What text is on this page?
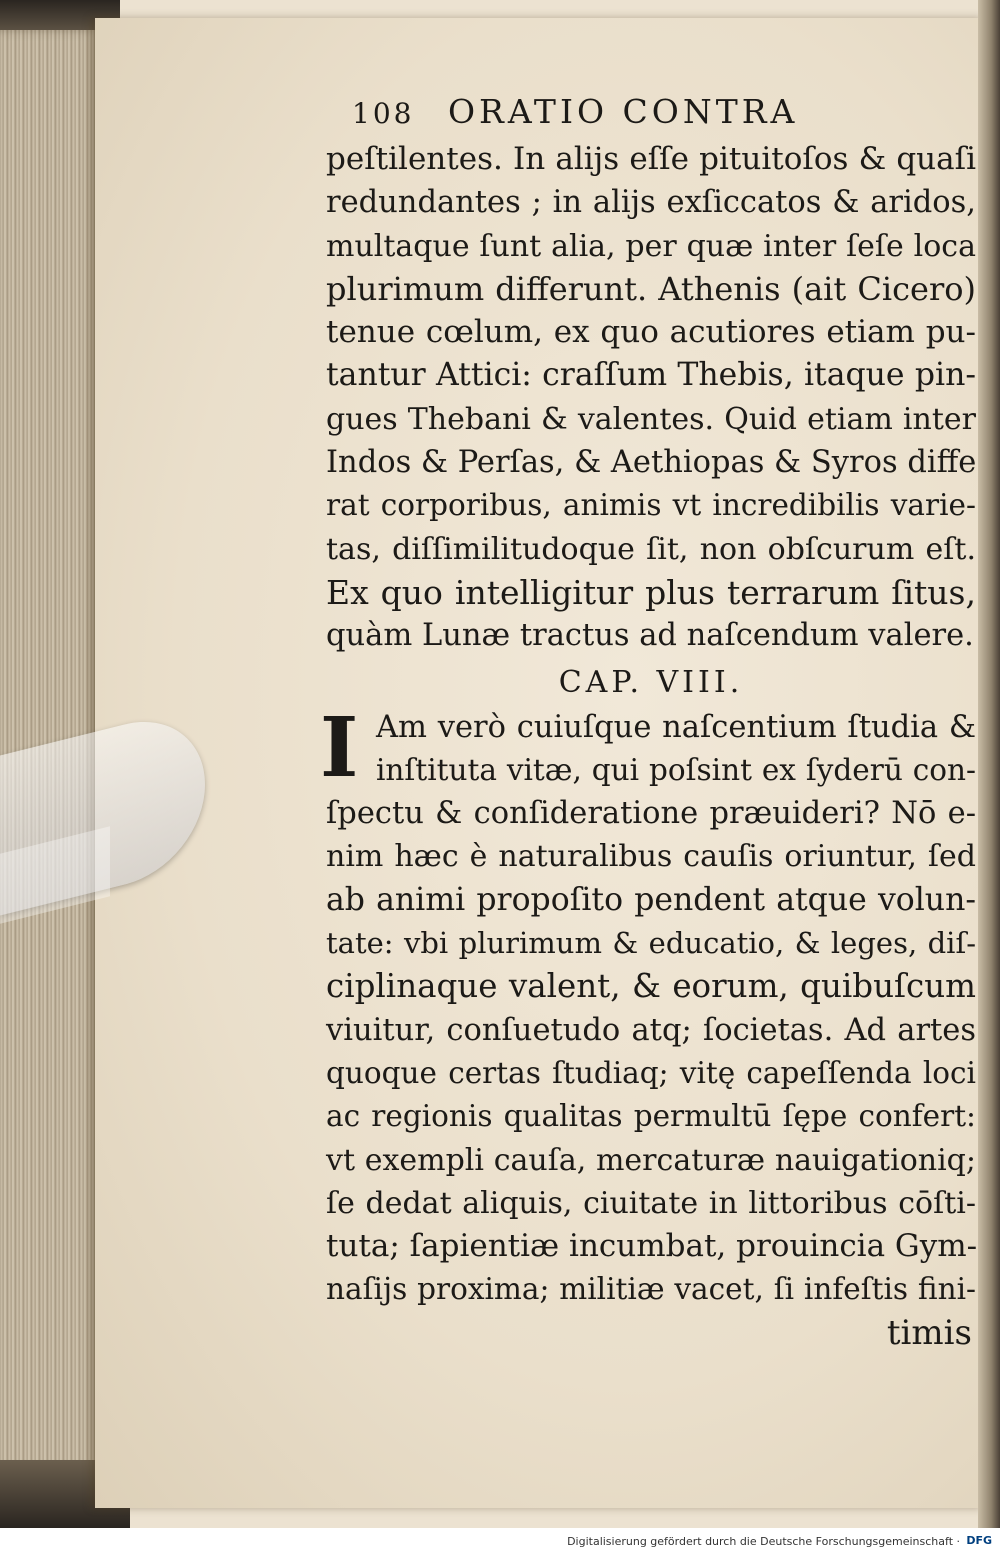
108	ORATIO CONTRA
peſtilentes. In alijs eſſe pituitoſos & quaſi
redundantes ; in alijs exſiccatos & aridos,
multaque ſunt alia, per quæ inter ſeſe loca
plurimum differunt. Athenis (ait Cicero)
tenue cœlum, ex quo acutiores etiam pu-
tantur Attici: craſſum Thebis, itaque pin-
gues Thebani & valentes. Quid etiam inter
Indos & Perſas, & Aethiopas & Syros diffe
rat corporibus, animis vt incredibilis varie-
tas, diſſimilitudoque ſit, non obſcurum eſt.
Ex quo intelligitur plus terrarum ſitus,
quàm Lunæ tractus ad naſcendum valere.
CAP. VIII.
I Am verò cuiuſque naſcentium ſtudia &
inſtituta vitæ, qui poſsint ex ſyderū con-
ſpectu & conſideratione præuideri? Nō e-
nim hæc è naturalibus cauſis oriuntur, ſed
ab animi propoſito pendent atque volun-
tate: vbi plurimum & educatio, & leges, diſ-
ciplinaque valent, & eorum, quibuſcum
viuitur, conſuetudo atq; ſocietas. Ad artes
quoque certas ſtudiaq; vitę capeſſenda loci
ac regionis qualitas permultū ſępe confert:
vt exempli cauſa, mercaturæ nauigationiq;
ſe dedat aliquis, ciuitate in littoribus cōſti-
tuta; ſapientiæ incumbat, prouincia Gym-
naſijs proxima; militiæ vacet, ſi infeſtis fini-
timis
Digitalisierung gefördert durch die Deutsche Forschungsgemeinschaft · DFG
